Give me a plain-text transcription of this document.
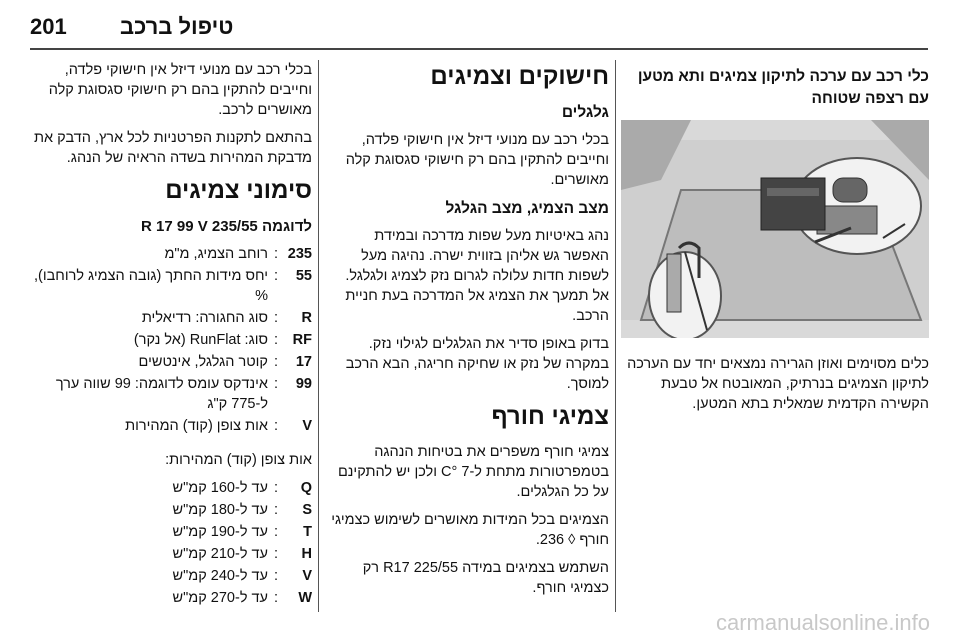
201 טיפול ברכב
כלי רכב עם ערכה לתיקון צמיגים ותא מטען עם רצפה שטוחה

כלים מסוימים ואוזן הגרירה נמצאים יחד עם הערכה לתיקון הצמיגים בנרתיק, המאובטח אל טבעת הקשירה הקדמית שמאלית בתא המטען.

חישוקים וצמיגים
גלגלים

בכלי רכב עם מנועי דיזל אין חישוקי פלדה, וחייבים להתקין בהם רק חישוקי סגסוגת קלה מאושרים.

מצב הצמיג, מצב הגלגל

נהג באיטיות מעל שפות מדרכה ובמידת האפשר גש אליהן בזווית ישרה. נהיגה מעל לשפות חדות עלולה לגרום נזק לצמיג ולגלגל. אל תמעך את הצמיג אל המדרכה בעת חניית הרכב.

בדוק באופן סדיר את הגלגלים לגילוי נזק. במקרה של נזק או שחיקה חריגה, הבא הרכב למוסך.

צמיגי חורף

צמיגי חורף משפרים את בטיחות הנהגה בטמפרטורות מתחת ל-7 °C ולכן יש להתקינם על כל הגלגלים.

הצמיגים בכל המידות מאושרים לשימוש כצמיגי חורף ◊ 236.

השתמש בצמיגים במידה 225/55 R17 רק כצמיגי חורף.

בכלי רכב עם מנועי דיזל אין חישוקי פלדה, וחייבים להתקין בהם רק חישוקי סגסוגת קלה מאושרים לרכב.

בהתאם לתקנות הפרטניות לכל ארץ, הדבק את מדבקת המהירות בשדה הראיה של הנהג.

סימוני צמיגים
לדוגמה 235/55 R 17 99 V
235
:
רוחב הצמיג, מ"מ
55
:
יחס מידות החתך (גובה הצמיג לרוחבו), %
R
:
סוג החגורה: רדיאלית
RF
:
סוג: RunFlat (אל נקר)
17
:
קוטר הגלגל, אינטשים
99
:
אינדקס עומס לדוגמה: 99 שווה ערך ל-775 ק"ג
V
:
אות צופן (קוד) המהירות

אות צופן (קוד) המהירות:

Q
:
עד ל-160 קמ"ש
S
:
עד ל-180 קמ"ש
T
:
עד ל-190 קמ"ש
H
:
עד ל-210 קמ"ש
V
:
עד ל-240 קמ"ש
W
:
עד ל-270 קמ"ש
carmanualsonline.info
